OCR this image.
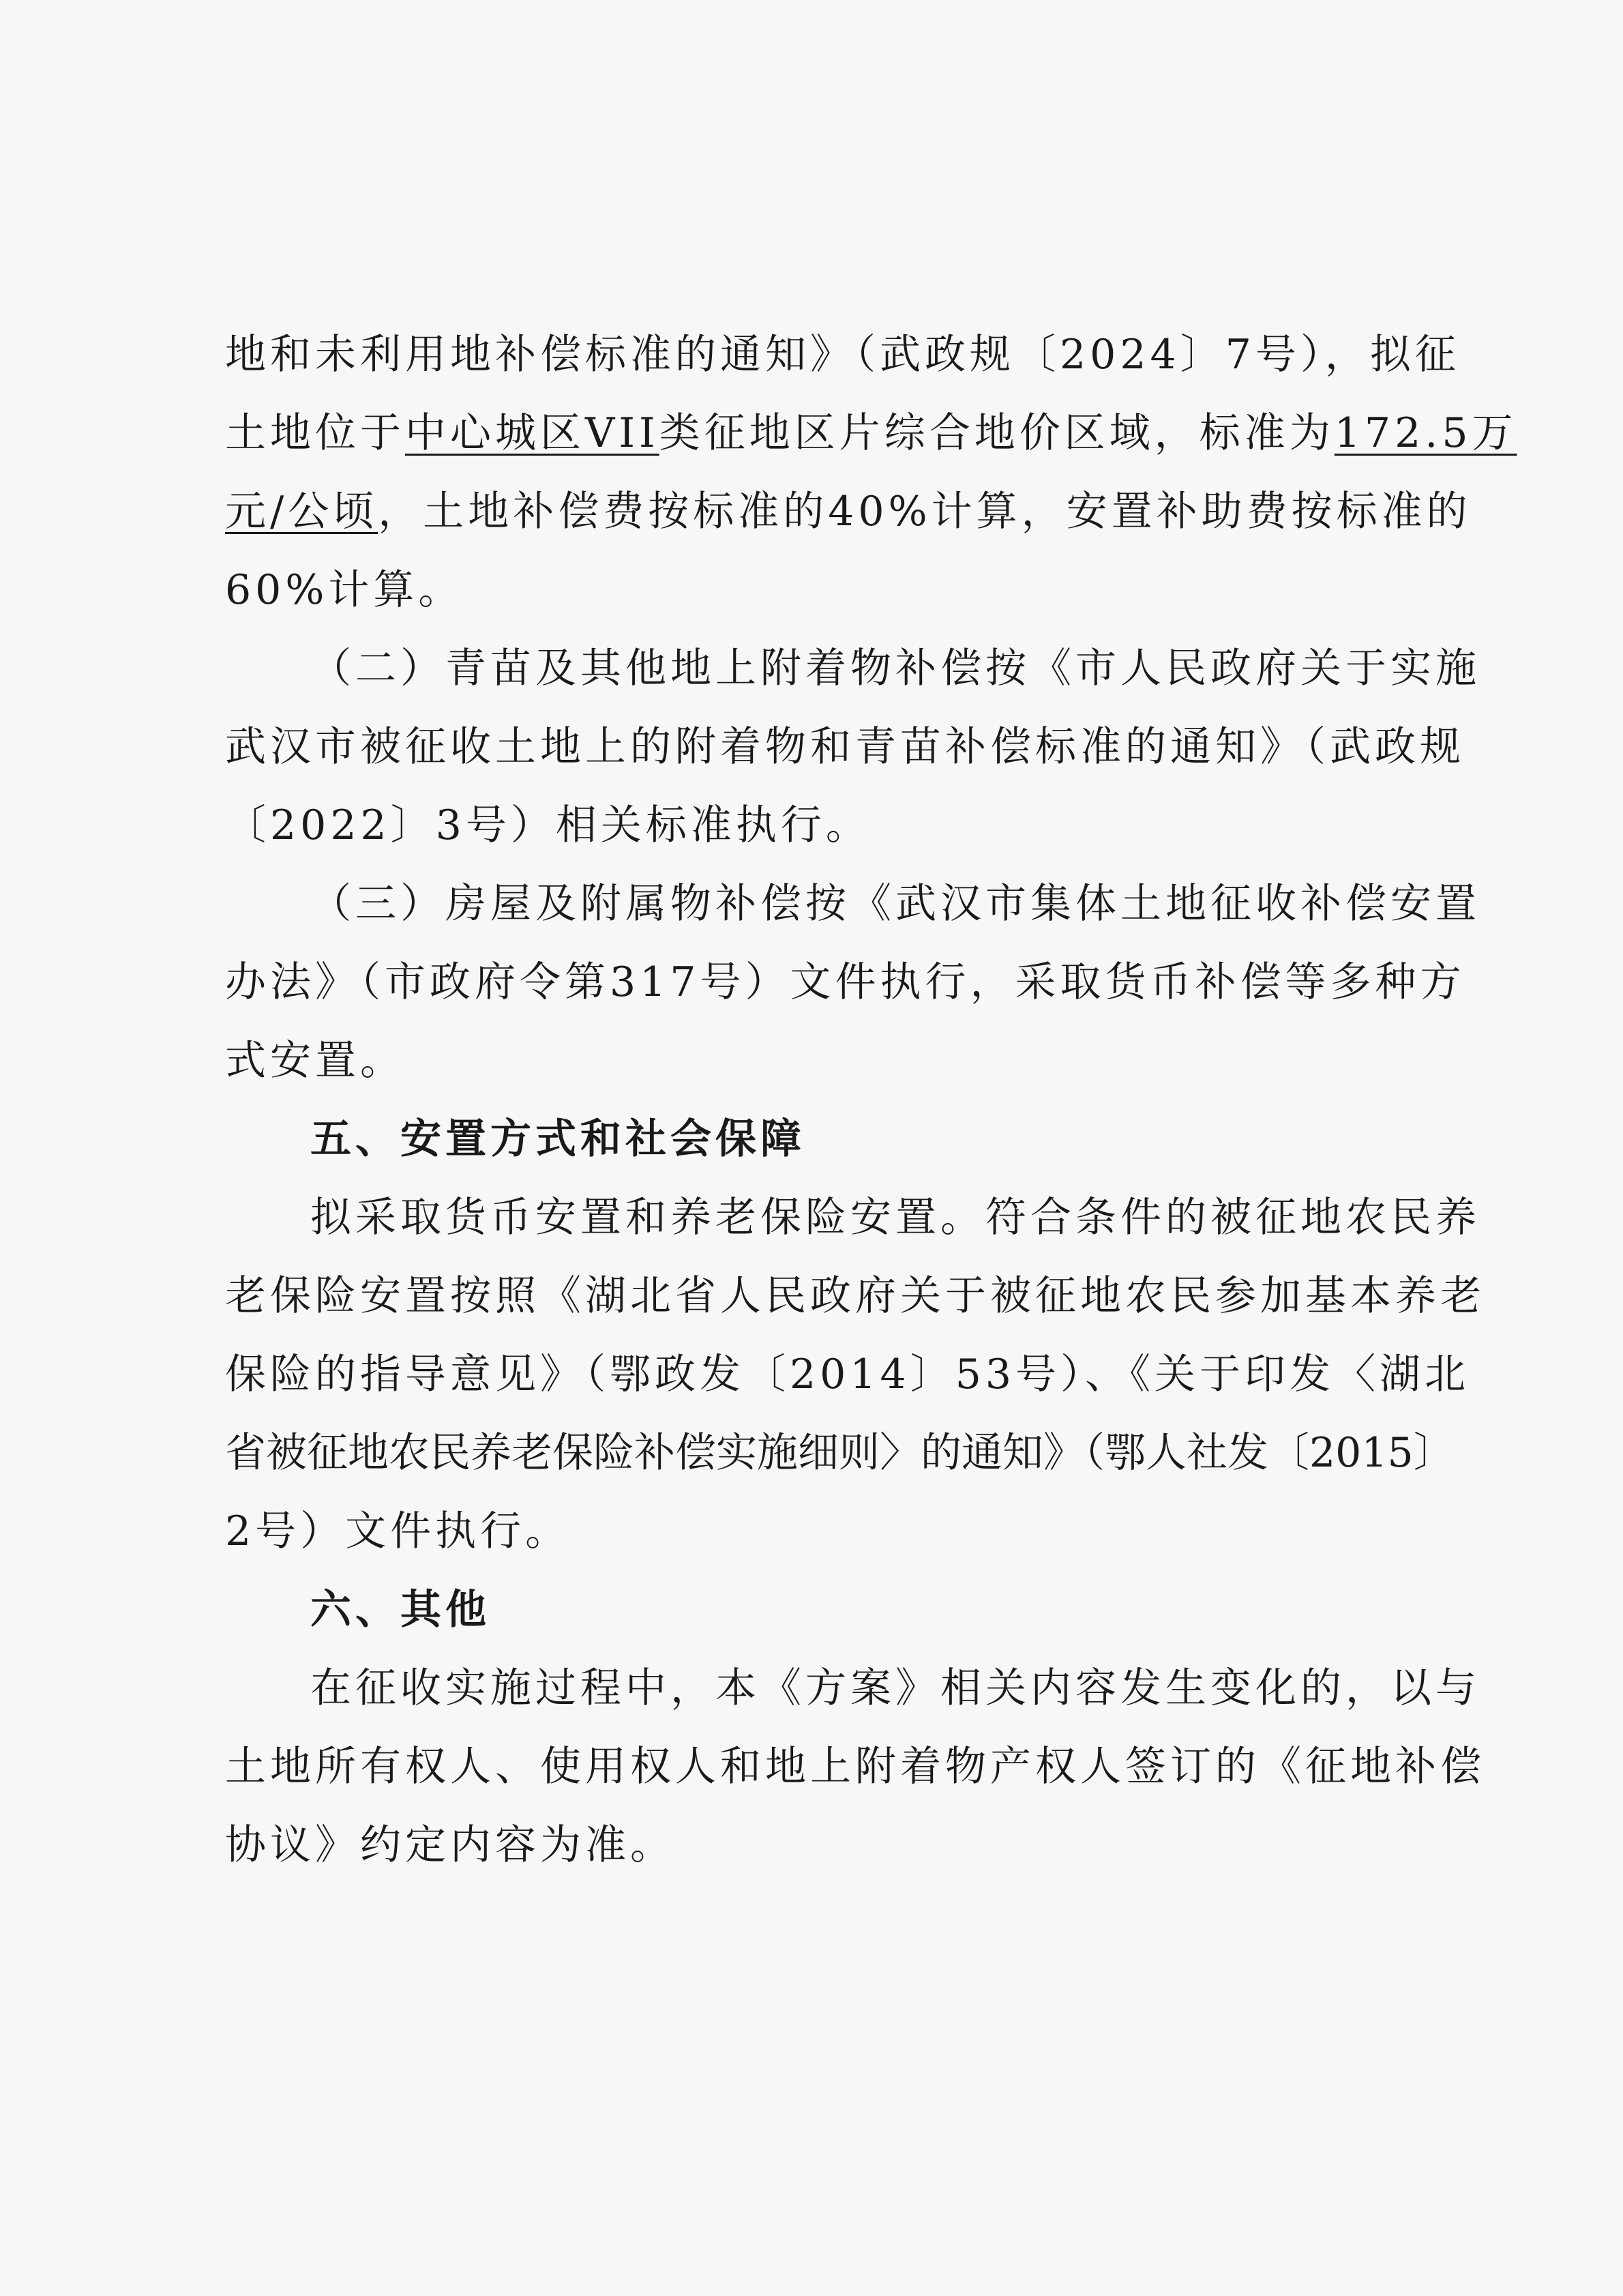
地和未利用地补偿标准的通知》（武政规〔2024〕7号），拟征
土地位于中心城区VII类征地区片综合地价区域，标准为172.5万
元/公顷，土地补偿费按标准的40%计算，安置补助费按标准的
60%计算。
（二）青苗及其他地上附着物补偿按《市人民政府关于实施
武汉市被征收土地上的附着物和青苗补偿标准的通知》（武政规
〔2022〕3号）相关标准执行。
（三）房屋及附属物补偿按《武汉市集体土地征收补偿安置
办法》（市政府令第317号）文件执行，采取货币补偿等多种方
式安置。
五、安置方式和社会保障
拟采取货币安置和养老保险安置。符合条件的被征地农民养
老保险安置按照《湖北省人民政府关于被征地农民参加基本养老
保险的指导意见》（鄂政发〔2014〕53号）、《关于印发〈湖北
省被征地农民养老保险补偿实施细则〉的通知》（鄂人社发〔2015〕
2号）文件执行。
六、其他
在征收实施过程中，本《方案》相关内容发生变化的，以与
土地所有权人、使用权人和地上附着物产权人签订的《征地补偿
协议》约定内容为准。
